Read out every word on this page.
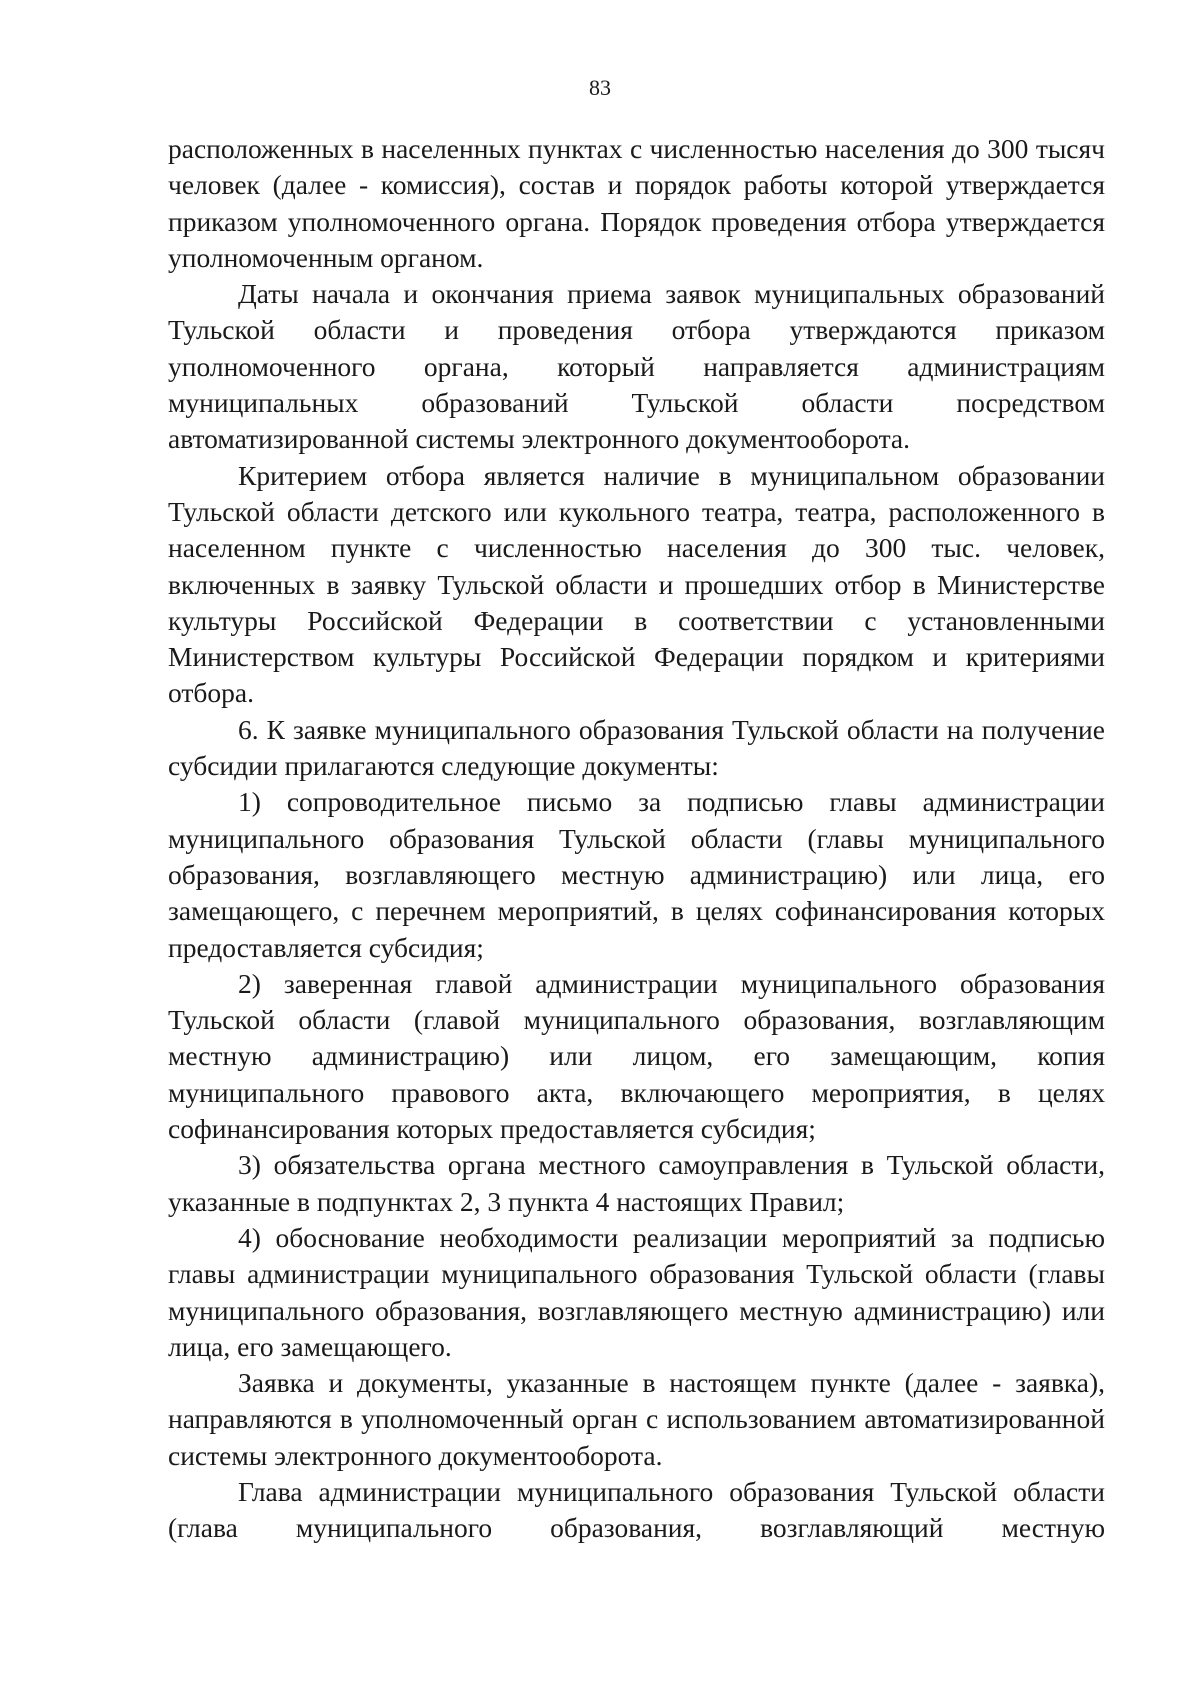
83

расположенных в населенных пунктах с численностью населения до 300 тысяч человек (далее - комиссия), состав и порядок работы которой утверждается приказом уполномоченного органа. Порядок проведения отбора утверждается уполномоченным органом.

Даты начала и окончания приема заявок муниципальных образований Тульской области и проведения отбора утверждаются приказом уполномоченного органа, который направляется администрациям муниципальных образований Тульской области посредством автоматизированной системы электронного документооборота.

Критерием отбора является наличие в муниципальном образовании Тульской области детского или кукольного театра, театра, расположенного в населенном пункте с численностью населения до 300 тыс. человек, включенных в заявку Тульской области и прошедших отбор в Министерстве культуры Российской Федерации в соответствии с установленными Министерством культуры Российской Федерации порядком и критериями отбора.

6. К заявке муниципального образования Тульской области на получение субсидии прилагаются следующие документы:

1) сопроводительное письмо за подписью главы администрации муниципального образования Тульской области (главы муниципального образования, возглавляющего местную администрацию) или лица, его замещающего, с перечнем мероприятий, в целях софинансирования которых предоставляется субсидия;

2) заверенная главой администрации муниципального образования Тульской области (главой муниципального образования, возглавляющим местную администрацию) или лицом, его замещающим, копия муниципального правового акта, включающего мероприятия, в целях софинансирования которых предоставляется субсидия;

3) обязательства органа местного самоуправления в Тульской области, указанные в подпунктах 2, 3 пункта 4 настоящих Правил;

4) обоснование необходимости реализации мероприятий за подписью главы администрации муниципального образования Тульской области (главы муниципального образования, возглавляющего местную администрацию) или лица, его замещающего.

Заявка и документы, указанные в настоящем пункте (далее - заявка), направляются в уполномоченный орган с использованием автоматизированной системы электронного документооборота.

Глава администрации муниципального образования Тульской области (глава муниципального образования, возглавляющий местную
